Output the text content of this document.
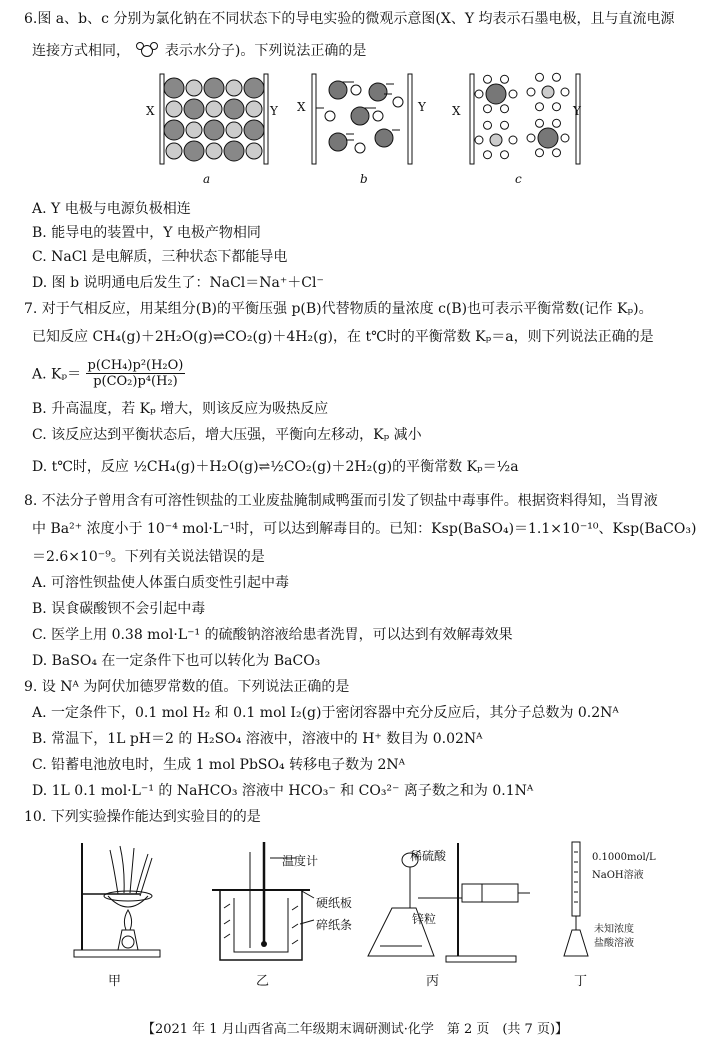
6.图 a、b、c 分别为氯化钠在不同状态下的导电实验的微观示意图(X、Y 均表示石墨电极，且与直流电源
连接方式相同， 表示水分子)。下列说法正确的是
X	Y
a
X	Y
b
X	Y
c
A. Y 电极与电源负极相连
B. 能导电的装置中，Y 电极产物相同
C. NaCl 是电解质，三种状态下都能导电
D. 图 b 说明通电后发生了：NaCl＝Na⁺＋Cl⁻
7. 对于气相反应，用某组分(B)的平衡压强 p(B)代替物质的量浓度 c(B)也可表示平衡常数(记作 Kₚ)。
已知反应 CH₄(g)＋2H₂O(g)⇌CO₂(g)＋4H₂(g)，在 t℃时的平衡常数 Kₚ＝a，则下列说法正确的是
A. $K_p= \frac{\text{p(CH₄)p²(H₂O)}}{\text{p(CO₂)p⁴(H₂)}}$
B. 升高温度，若 Kₚ 增大，则该反应为吸热反应
C. 该反应达到平衡状态后，增大压强，平衡向左移动，Kₚ 减小
D. t℃时，反应 ½CH₄(g)＋H₂O(g)⇌½CO₂(g)＋2H₂(g)的平衡常数 Kₚ＝½a
8. 不法分子曾用含有可溶性钡盐的工业废盐腌制咸鸭蛋而引发了钡盐中毒事件。根据资料得知，当胃液
中 Ba²⁺ 浓度小于 10⁻⁴ mol·L⁻¹时，可以达到解毒目的。已知：Ksp(BaSO₄)＝1.1×10⁻¹⁰、Ksp(BaCO₃)
＝2.6×10⁻⁹。下列有关说法错误的是
A. 可溶性钡盐使人体蛋白质变性引起中毒
B. 误食碳酸钡不会引起中毒
C. 医学上用 0.38 mol·L⁻¹ 的硫酸钠溶液给患者洗胃，可以达到有效解毒效果
D. BaSO₄ 在一定条件下也可以转化为 BaCO₃
9. 设 Nᴬ 为阿伏加德罗常数的值。下列说法正确的是
A. 一定条件下，0.1 mol H₂ 和 0.1 mol I₂(g)于密闭容器中充分反应后，其分子总数为 0.2Nᴬ
B. 常温下，1L pH＝2 的 H₂SO₄ 溶液中，溶液中的 H⁺ 数目为 0.02Nᴬ
C. 铅蓄电池放电时，生成 1 mol PbSO₄ 转移电子数为 2Nᴬ
D. 1L 0.1 mol·L⁻¹ 的 NaHCO₃ 溶液中 HCO₃⁻ 和 CO₃²⁻ 离子数之和为 0.1Nᴬ
10. 下列实验操作能达到实验目的的是
甲
温度计
硬纸板
碎纸条
乙
稀硫酸
锌粒
丙
0.1000mol/L
NaOH溶液
未知浓度
盐酸溶液
丁
【2021 年 1 月山西省高二年级期末调研测试·化学　第 2 页　(共 7 页)】
